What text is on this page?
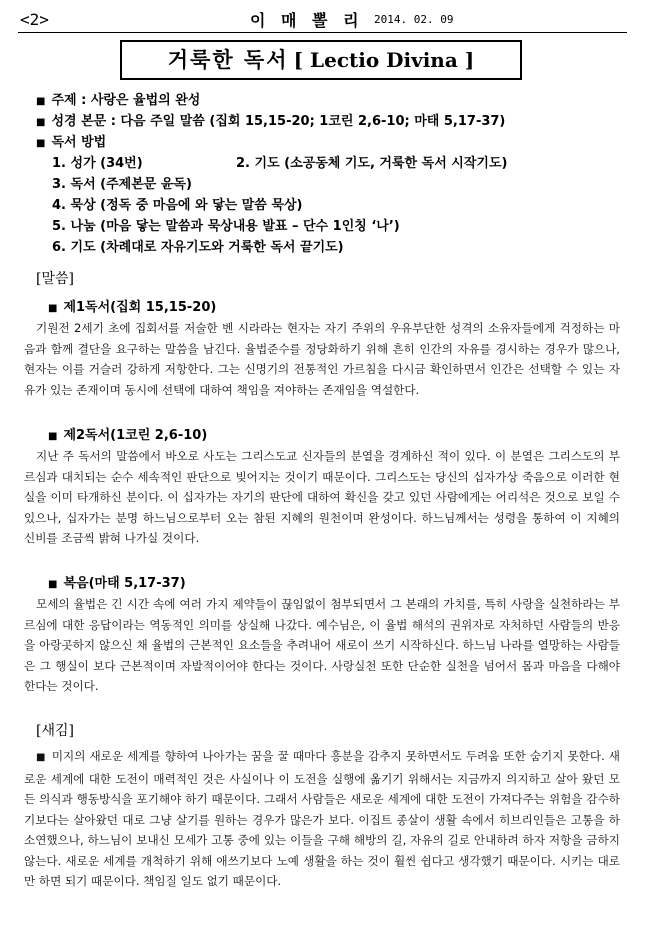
<2>	이 매 뽈 리 2014. 02. 09
거룩한 독서 [ Lectio Divina ]
■ 주제 : 사랑은 율법의 완성
■ 성경 본문 : 다음 주일 말씀 (집회 15,15-20; 1코린 2,6-10; 마태 5,17-37)
■ 독서 방법
1. 성가 (34번)	2. 기도 (소공동체 기도, 거룩한 독서 시작기도)
3. 독서 (주제본문 윤독)
4. 묵상 (정독 중 마음에 와 닿는 말씀 묵상)
5. 나눔 (마음 닿는 말씀과 묵상내용 발표 – 단수 1인칭 ‘나’)
6. 기도 (차례대로 자유기도와 거룩한 독서 끝기도)
[말씀]
■ 제1독서(집회 15,15-20)
기원전 2세기 초에 집회서를 저술한 벤 시라라는 현자는 자기 주위의 우유부단한 성격의 소유자들에게 걱정하는 마음과 함께 결단을 요구하는 말씀을 남긴다. 율법준수를 정당화하기 위해 흔히 인간의 자유를 경시하는 경우가 많으나, 현자는 이를 거슬러 강하게 저항한다. 그는 신명기의 전통적인 가르침을 다시금 확인하면서 인간은 선택할 수 있는 자유가 있는 존재이며 동시에 선택에 대하여 책임을 져야하는 존재임을 역설한다.
■ 제2독서(1코린 2,6-10)
지난 주 독서의 말씀에서 바오로 사도는 그리스도교 신자들의 분열을 경계하신 적이 있다. 이 분열은 그리스도의 부르심과 대치되는 순수 세속적인 판단으로 빚어지는 것이기 때문이다. 그리스도는 당신의 십자가상 죽음으로 이러한 현실을 이미 타개하신 분이다. 이 십자가는 자기의 판단에 대하여 확신을 갖고 있던 사람에게는 어리석은 것으로 보일 수 있으나, 십자가는 분명 하느님으로부터 오는 참된 지혜의 원천이며 완성이다. 하느님께서는 성령을 통하여 이 지혜의 신비를 조금씩 밝혀 나가실 것이다.
■ 복음(마태 5,17-37)
모세의 율법은 긴 시간 속에 여러 가지 제약들이 끊임없이 첨부되면서 그 본래의 가치를, 특히 사랑을 실천하라는 부르심에 대한 응답이라는 역동적인 의미를 상실해 나갔다. 예수님은, 이 율법 해석의 권위자로 자처하던 사람들의 반응을 아랑곳하지 않으신 채 율법의 근본적인 요소들을 추려내어 새로이 쓰기 시작하신다. 하느님 나라를 열망하는 사람들은 그 행실이 보다 근본적이며 자발적이어야 한다는 것이다. 사랑실천 또한 단순한 실천을 넘어서 몸과 마음을 다해야 한다는 것이다.
[새김]
■ 미지의 새로운 세계를 향하여 나아가는 꿈을 꿀 때마다 흥분을 감추지 못하면서도 두려움 또한 숨기지 못한다. 새로운 세계에 대한 도전이 매력적인 것은 사실이나 이 도전을 실행에 옮기기 위해서는 지금까지 의지하고 살아 왔던 모든 의식과 행동방식을 포기해야 하기 때문이다. 그래서 사람들은 새로운 세계에 대한 도전이 가져다주는 위험을 감수하기보다는 살아왔던 대로 그냥 살기를 원하는 경우가 많은가 보다. 이집트 종살이 생활 속에서 히브리인들은 고통을 하소연했으나, 하느님이 보내신 모세가 고통 중에 있는 이들을 구해 해방의 길, 자유의 길로 안내하려 하자 저항을 금하지 않는다. 새로운 세계를 개척하기 위해 애쓰기보다 노예 생활을 하는 것이 훨씬 쉽다고 생각했기 때문이다. 시키는 대로만 하면 되기 때문이다. 책임질 일도 없기 때문이다.
